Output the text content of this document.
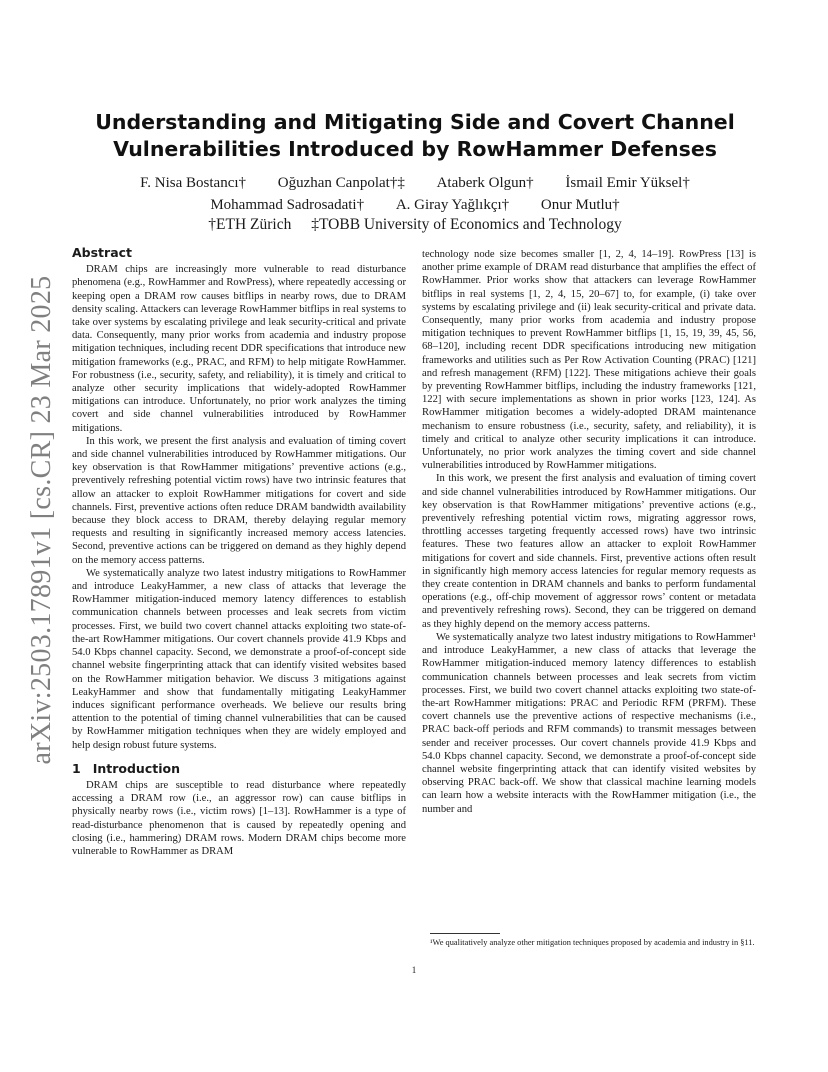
arXiv:2503.17891v1 [cs.CR] 23 Mar 2025
Understanding and Mitigating Side and Covert Channel Vulnerabilities Introduced by RowHammer Defenses
F. Nisa Bostancı† Oğuzhan Canpolat†‡ Ataberk Olgun† İsmail Emir Yüksel†
Mohammad Sadrosadati† A. Giray Yağlıkçı† Onur Mutlu†
†ETH Zürich ‡TOBB University of Economics and Technology
Abstract

DRAM chips are increasingly more vulnerable to read disturbance phenomena (e.g., RowHammer and RowPress), where repeatedly accessing or keeping open a DRAM row causes bitflips in nearby rows, due to DRAM density scaling. Attackers can leverage RowHammer bitflips in real systems to take over systems by escalating privilege and leak security-critical and private data. Consequently, many prior works from academia and industry propose mitigation techniques, including recent DDR specifications that introduce new mitigation frameworks (e.g., PRAC, and RFM) to help mitigate RowHammer. For robustness (i.e., security, safety, and reliability), it is timely and critical to analyze other security implications that widely-adopted RowHammer mitigations can introduce. Unfortunately, no prior work analyzes the timing covert and side channel vulnerabilities introduced by RowHammer mitigations.

In this work, we present the first analysis and evaluation of timing covert and side channel vulnerabilities introduced by RowHammer mitigations. Our key observation is that RowHammer mitigations’ preventive actions (e.g., preventively refreshing potential victim rows) have two intrinsic features that allow an attacker to exploit RowHammer mitigations for covert and side channels. First, preventive actions often reduce DRAM bandwidth availability because they block access to DRAM, thereby delaying regular memory requests and resulting in significantly increased memory access latencies. Second, preventive actions can be triggered on demand as they highly depend on the memory access patterns.

We systematically analyze two latest industry mitigations to RowHammer and introduce LeakyHammer, a new class of attacks that leverage the RowHammer mitigation-induced memory latency differences to establish communication channels between processes and leak secrets from victim processes. First, we build two covert channel attacks exploiting two state-of-the-art RowHammer mitigations. Our covert channels provide 41.9 Kbps and 54.0 Kbps channel capacity. Second, we demonstrate a proof-of-concept side channel website fingerprinting attack that can identify visited websites based on the RowHammer mitigation behavior. We discuss 3 mitigations against LeakyHammer and show that fundamentally mitigating LeakyHammer induces significant performance overheads. We believe our results bring attention to the potential of timing channel vulnerabilities that can be caused by RowHammer mitigation techniques when they are widely employed and help design robust future systems.

1 Introduction

DRAM chips are susceptible to read disturbance where repeatedly accessing a DRAM row (i.e., an aggressor row) can cause bitflips in physically nearby rows (i.e., victim rows) [1–13]. RowHammer is a type of read-disturbance phenomenon that is caused by repeatedly opening and closing (i.e., hammering) DRAM rows. Modern DRAM chips become more vulnerable to RowHammer as DRAM

technology node size becomes smaller [1, 2, 4, 14–19]. RowPress [13] is another prime example of DRAM read disturbance that amplifies the effect of RowHammer. Prior works show that attackers can leverage RowHammer bitflips in real systems [1, 2, 4, 15, 20–67] to, for example, (i) take over systems by escalating privilege and (ii) leak security-critical and private data. Consequently, many prior works from academia and industry propose mitigation techniques to prevent RowHammer bitflips [1, 15, 19, 39, 45, 56, 68–120], including recent DDR specifications introducing new mitigation frameworks and utilities such as Per Row Activation Counting (PRAC) [121] and refresh management (RFM) [122]. These mitigations achieve their goals by preventing RowHammer bitflips, including the industry frameworks [121, 122] with secure implementations as shown in prior works [123, 124]. As RowHammer mitigation becomes a widely-adopted DRAM maintenance mechanism to ensure robustness (i.e., security, safety, and reliability), it is timely and critical to analyze other security implications it can introduce. Unfortunately, no prior work analyzes the timing covert and side channel vulnerabilities introduced by RowHammer mitigations.

In this work, we present the first analysis and evaluation of timing covert and side channel vulnerabilities introduced by RowHammer mitigations. Our key observation is that RowHammer mitigations’ preventive actions (e.g., preventively refreshing potential victim rows, migrating aggressor rows, throttling accesses targeting frequently accessed rows) have two intrinsic features. These two features allow an attacker to exploit RowHammer mitigations for covert and side channels. First, preventive actions often result in significantly high memory access latencies for regular memory requests as they create contention in DRAM channels and banks to perform fundamental operations (e.g., off-chip movement of aggressor rows’ content or metadata and preventively refreshing rows). Second, they can be triggered on demand as they highly depend on the memory access patterns.

We systematically analyze two latest industry mitigations to RowHammer¹ and introduce LeakyHammer, a new class of attacks that leverage the RowHammer mitigation-induced memory latency differences to establish communication channels between processes and leak secrets from victim processes. First, we build two covert channel attacks exploiting two state-of-the-art RowHammer mitigations: PRAC and Periodic RFM (PRFM). These covert channels use the preventive actions of respective mechanisms (i.e., PRAC back-off periods and RFM commands) to transmit messages between sender and receiver processes. Our covert channels provide 41.9 Kbps and 54.0 Kbps channel capacity. Second, we demonstrate a proof-of-concept side channel website fingerprinting attack that can identify visited websites by observing PRAC back-off. We show that classical machine learning models can learn how a website interacts with the RowHammer mitigation (i.e., the number and

¹We qualitatively analyze other mitigation techniques proposed by academia and industry in §11.
1
